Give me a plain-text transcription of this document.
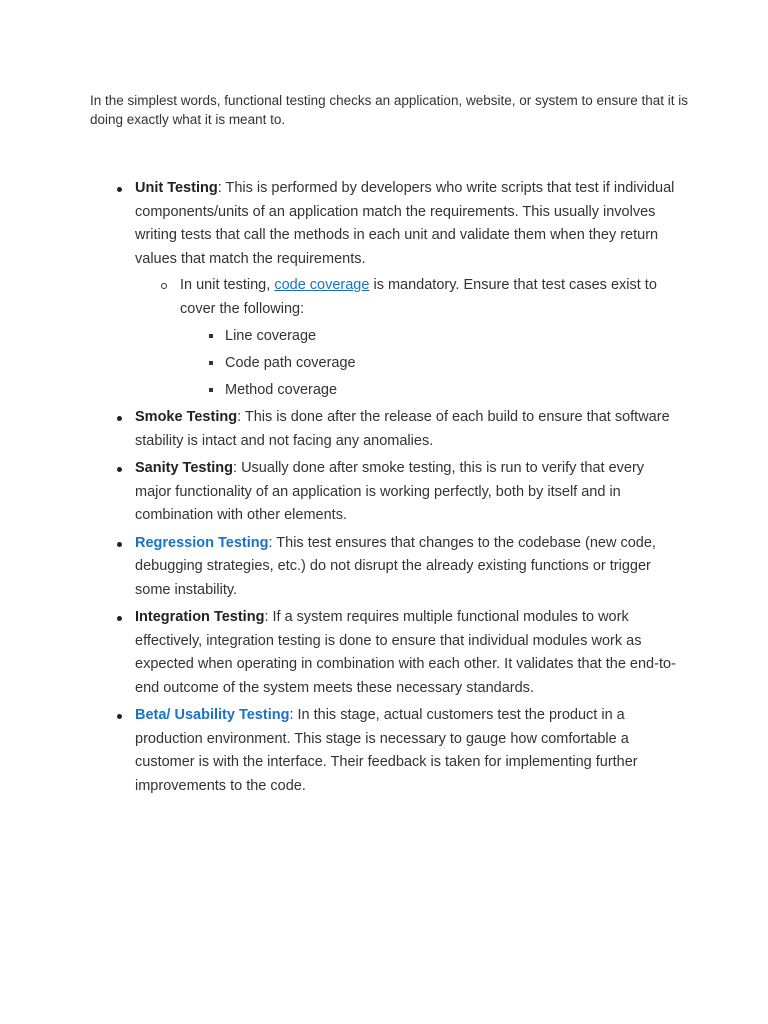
In the simplest words, functional testing checks an application, website, or system to ensure that it is doing exactly what it is meant to.

Unit Testing: This is performed by developers who write scripts that test if individual components/units of an application match the requirements. This usually involves writing tests that call the methods in each unit and validate them when they return values that match the requirements.
In unit testing, code coverage is mandatory. Ensure that test cases exist to cover the following:
Line coverage
Code path coverage
Method coverage
Smoke Testing: This is done after the release of each build to ensure that software stability is intact and not facing any anomalies.
Sanity Testing: Usually done after smoke testing, this is run to verify that every major functionality of an application is working perfectly, both by itself and in combination with other elements.
Regression Testing: This test ensures that changes to the codebase (new code, debugging strategies, etc.) do not disrupt the already existing functions or trigger some instability.
Integration Testing: If a system requires multiple functional modules to work effectively, integration testing is done to ensure that individual modules work as expected when operating in combination with each other. It validates that the end-to-end outcome of the system meets these necessary standards.
Beta/ Usability Testing: In this stage, actual customers test the product in a production environment. This stage is necessary to gauge how comfortable a customer is with the interface. Their feedback is taken for implementing further improvements to the code.
